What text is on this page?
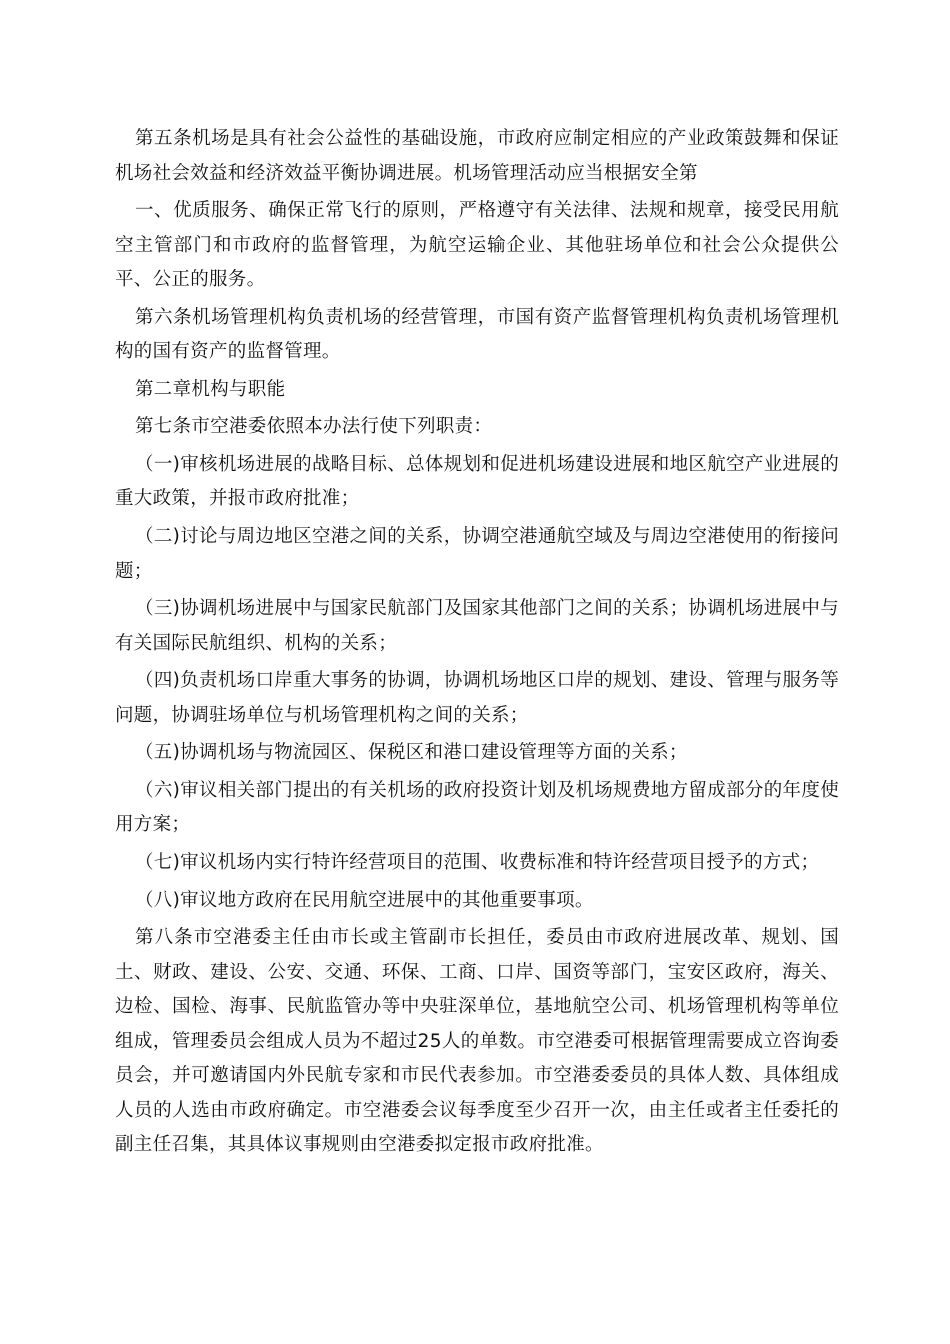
第五条机场是具有社会公益性的基础设施，市政府应制定相应的产业政策鼓舞和保证机场社会效益和经济效益平衡协调进展。机场管理活动应当根据安全第

一、优质服务、确保正常飞行的原则，严格遵守有关法律、法规和规章，接受民用航空主管部门和市政府的监督管理，为航空运输企业、其他驻场单位和社会公众提供公平、公正的服务。

第六条机场管理机构负责机场的经营管理，市国有资产监督管理机构负责机场管理机构的国有资产的监督管理。

第二章机构与职能

第七条市空港委依照本办法行使下列职责：

（一)审核机场进展的战略目标、总体规划和促进机场建设进展和地区航空产业进展的重大政策，并报市政府批准；

（二)讨论与周边地区空港之间的关系，协调空港通航空域及与周边空港使用的衔接问题；

（三)协调机场进展中与国家民航部门及国家其他部门之间的关系；协调机场进展中与有关国际民航组织、机构的关系；

（四)负责机场口岸重大事务的协调，协调机场地区口岸的规划、建设、管理与服务等问题，协调驻场单位与机场管理机构之间的关系；

（五)协调机场与物流园区、保税区和港口建设管理等方面的关系；

（六)审议相关部门提出的有关机场的政府投资计划及机场规费地方留成部分的年度使用方案；

（七)审议机场内实行特许经营项目的范围、收费标准和特许经营项目授予的方式；

（八)审议地方政府在民用航空进展中的其他重要事项。

第八条市空港委主任由市长或主管副市长担任，委员由市政府进展改革、规划、国土、财政、建设、公安、交通、环保、工商、口岸、国资等部门，宝安区政府，海关、边检、国检、海事、民航监管办等中央驻深单位，基地航空公司、机场管理机构等单位组成，管理委员会组成人员为不超过25人的单数。市空港委可根据管理需要成立咨询委员会，并可邀请国内外民航专家和市民代表参加。市空港委委员的具体人数、具体组成人员的人选由市政府确定。市空港委会议每季度至少召开一次，由主任或者主任委托的副主任召集，其具体议事规则由空港委拟定报市政府批准。
